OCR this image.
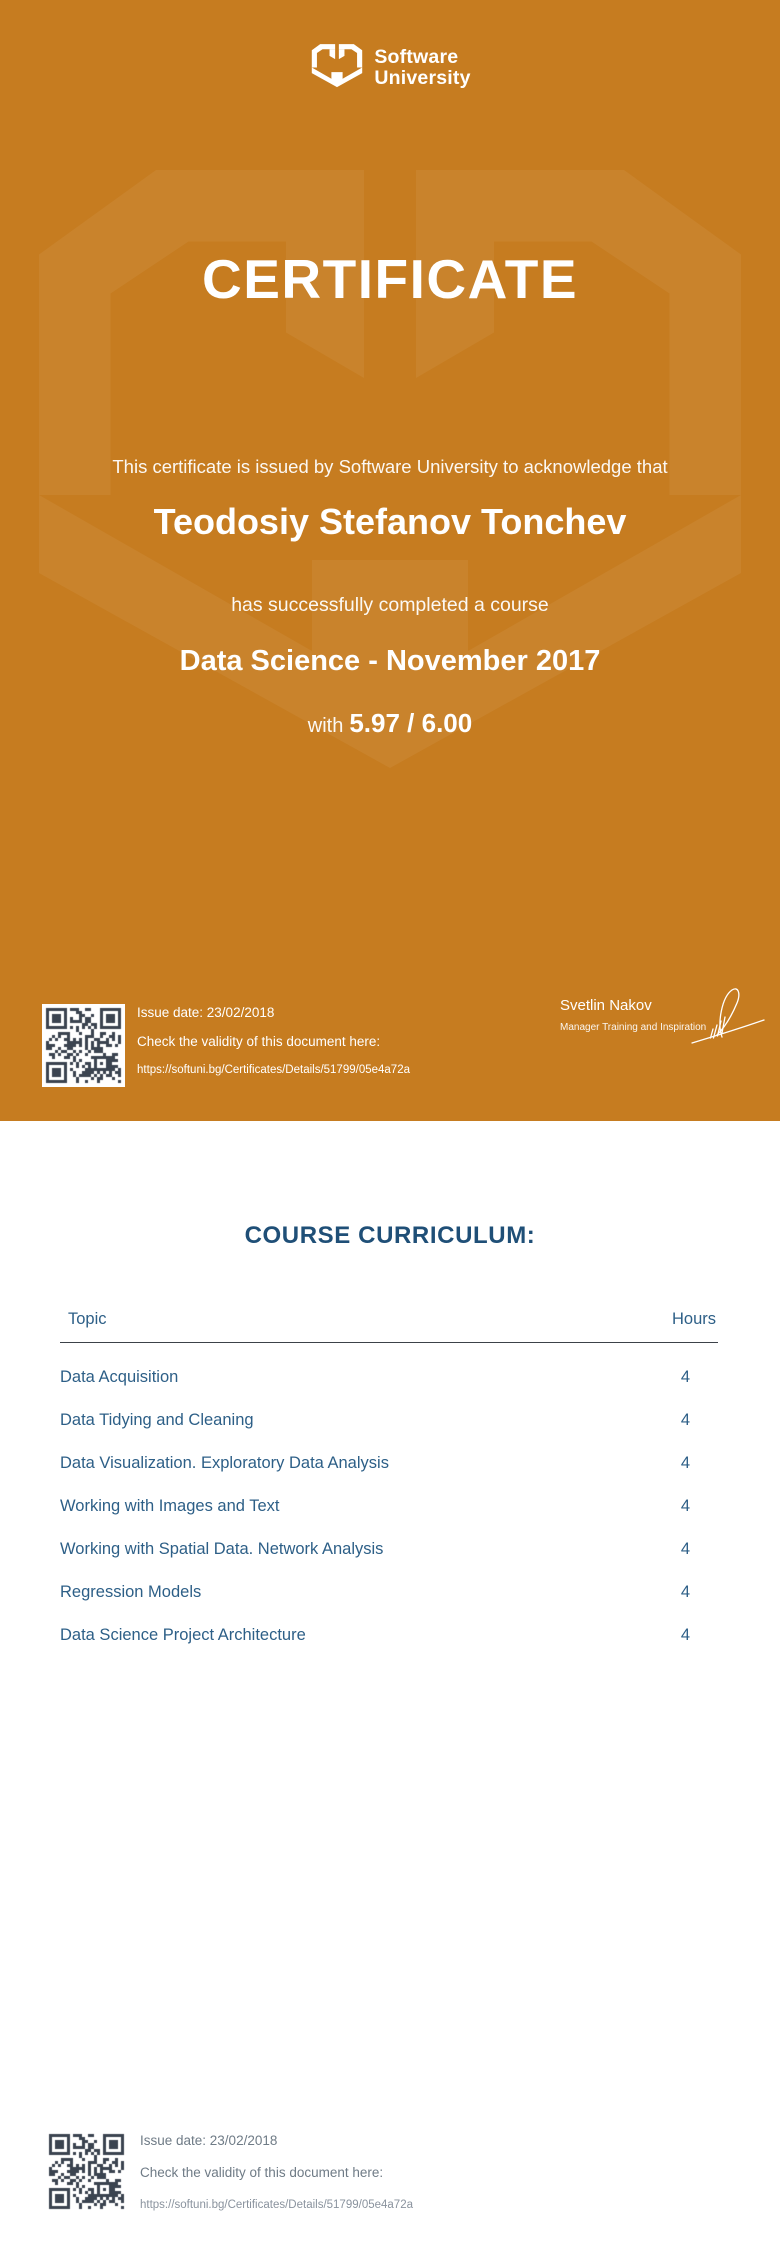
Software
University
CERTIFICATE
This certificate is issued by Software University to acknowledge that
Teodosiy Stefanov Tonchev
has successfully completed a course
Data Science - November 2017
with 5.97 / 6.00
Issue date: 23/02/2018
Check the validity of this document here:
https://softuni.bg/Certificates/Details/51799/05e4a72a
Svetlin Nakov
Manager Training and Inspiration
COURSE CURRICULUM:
Topic	Hours
Data Acquisition	4
Data Tidying and Cleaning	4
Data Visualization. Exploratory Data Analysis	4
Working with Images and Text	4
Working with Spatial Data. Network Analysis	4
Regression Models	4
Data Science Project Architecture	4
Issue date: 23/02/2018
Check the validity of this document here:
https://softuni.bg/Certificates/Details/51799/05e4a72a
